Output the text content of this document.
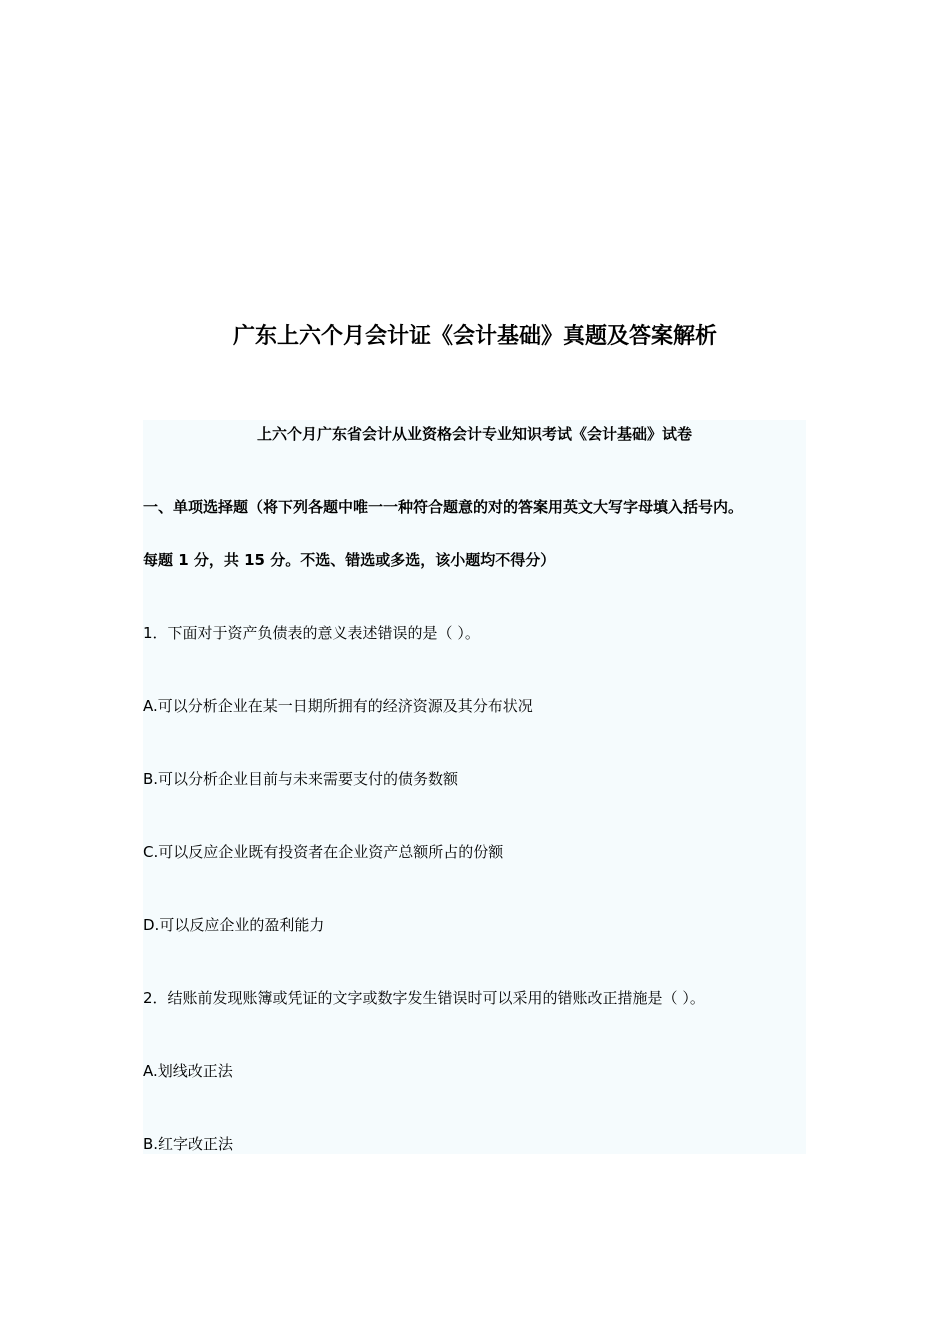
广东上六个月会计证《会计基础》真题及答案解析

上六个月广东省会计从业资格会计专业知识考试《会计基础》试卷

一、单项选择题（将下列各题中唯一一种符合题意的对的答案用英文大写字母填入括号内。

每题 1 分，共 15 分。不选、错选或多选，该小题均不得分）

1．下面对于资产负债表的意义表述错误的是（ ）。

A.可以分析企业在某一日期所拥有的经济资源及其分布状况

B.可以分析企业目前与未来需要支付的债务数额

C.可以反应企业既有投资者在企业资产总额所占的份额

D.可以反应企业的盈利能力

2．结账前发现账簿或凭证的文字或数字发生错误时可以采用的错账改正措施是（ ）。

A.划线改正法

B.红字改正法
